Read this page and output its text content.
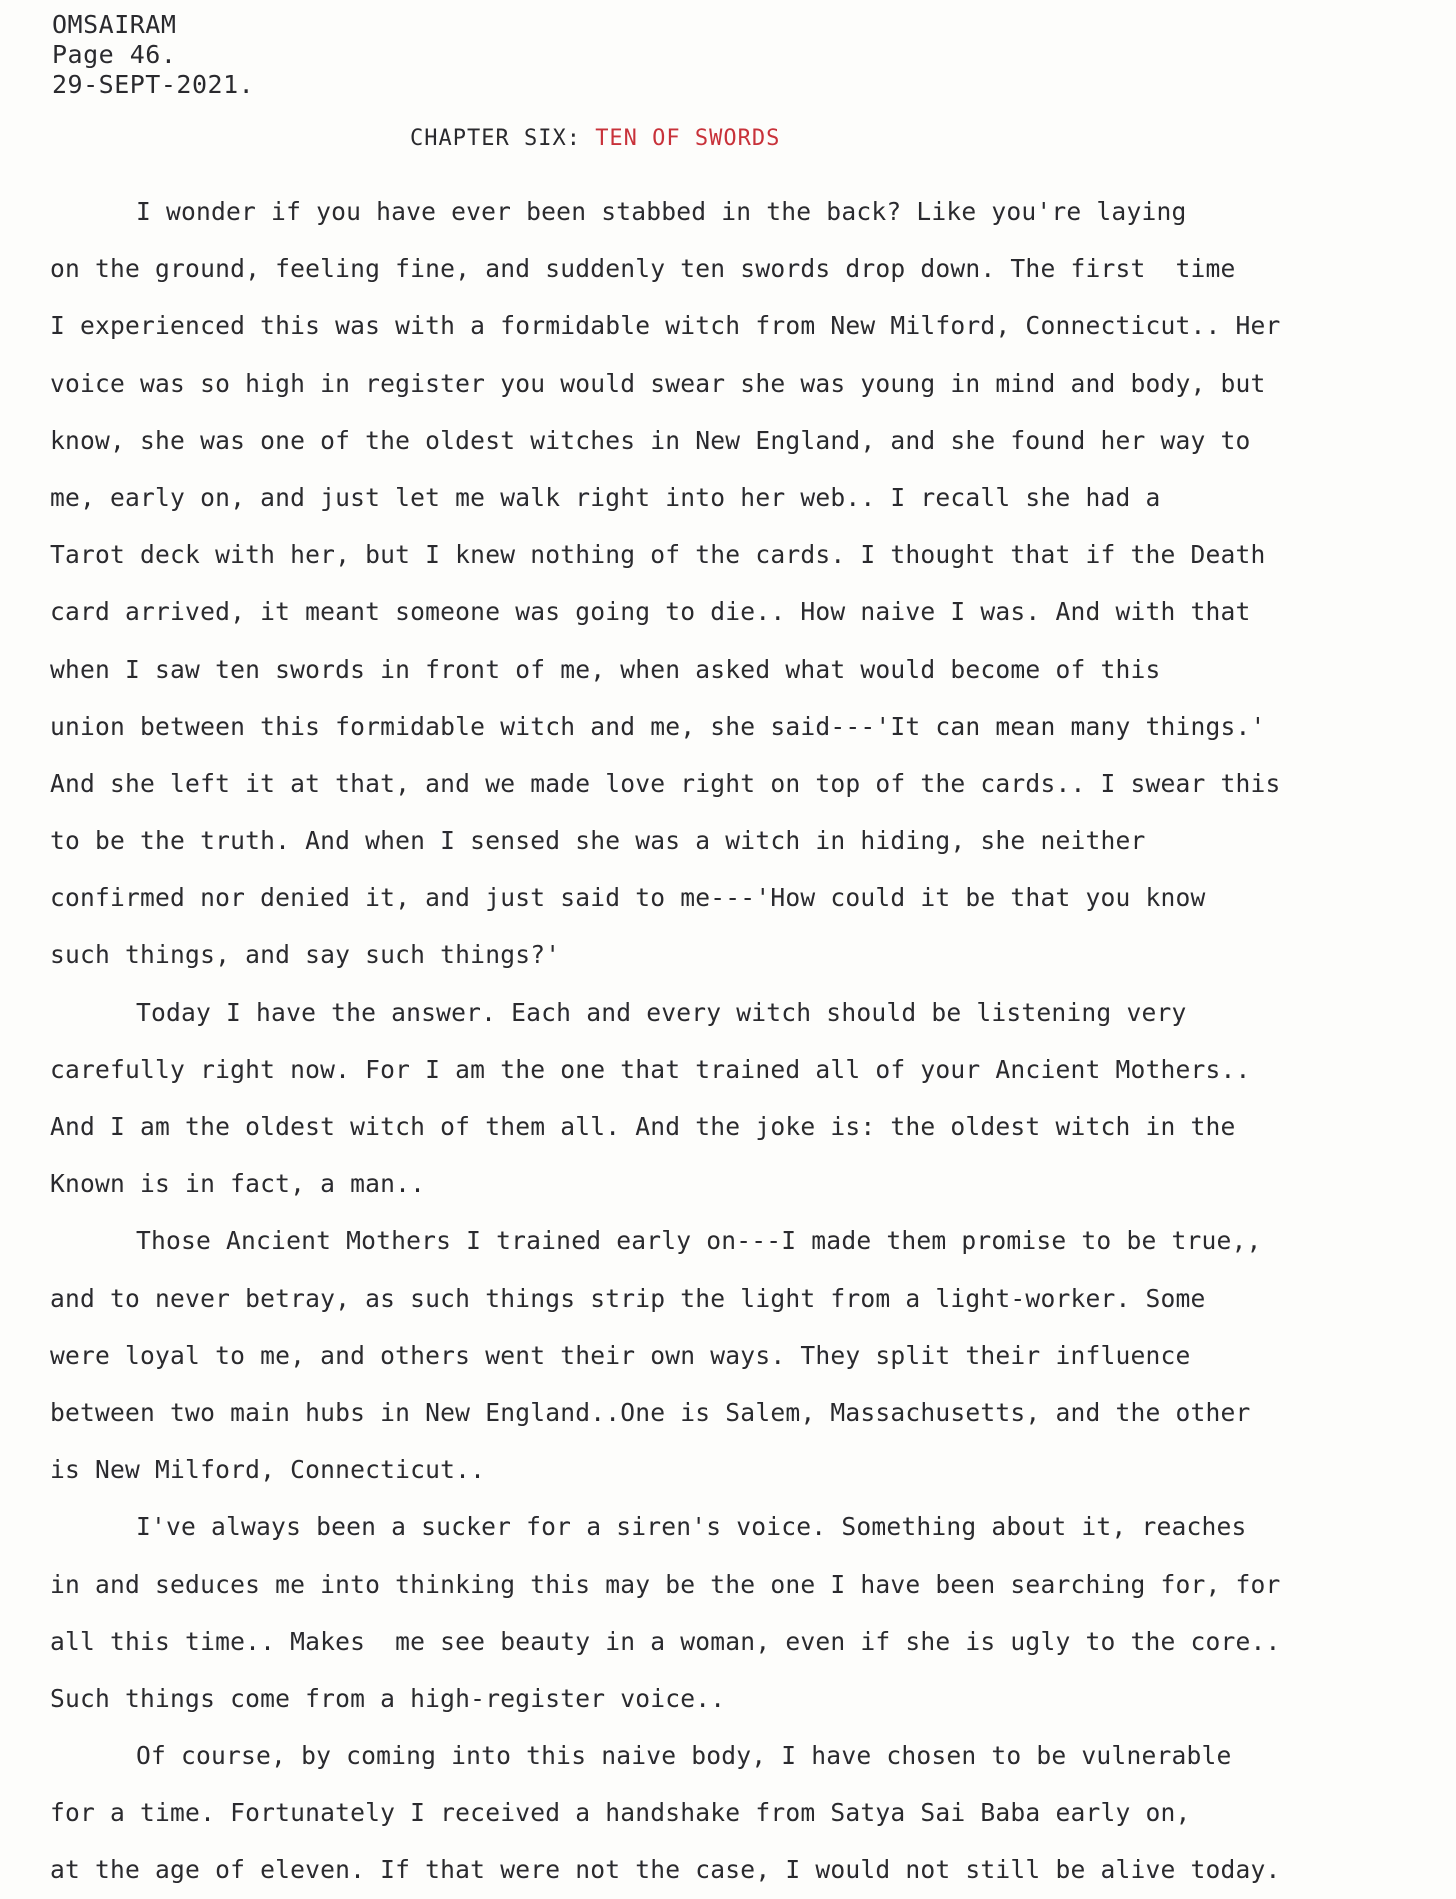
OMSAIRAM
Page 46.
29-SEPT-2021.
CHAPTER SIX: TEN OF SWORDS
I wonder if you have ever been stabbed in the back? Like you're laying
on the ground, feeling fine, and suddenly ten swords drop down. The first  time
I experienced this was with a formidable witch from New Milford, Connecticut.. Her
voice was so high in register you would swear she was young in mind and body, but
know, she was one of the oldest witches in New England, and she found her way to
me, early on, and just let me walk right into her web.. I recall she had a
Tarot deck with her, but I knew nothing of the cards. I thought that if the Death
card arrived, it meant someone was going to die.. How naive I was. And with that
when I saw ten swords in front of me, when asked what would become of this
union between this formidable witch and me, she said---'It can mean many things.'
And she left it at that, and we made love right on top of the cards.. I swear this
to be the truth. And when I sensed she was a witch in hiding, she neither
confirmed nor denied it, and just said to me---'How could it be that you know
such things, and say such things?'
Today I have the answer. Each and every witch should be listening very
carefully right now. For I am the one that trained all of your Ancient Mothers..
And I am the oldest witch of them all. And the joke is: the oldest witch in the
Known is in fact, a man..
Those Ancient Mothers I trained early on---I made them promise to be true,,
and to never betray, as such things strip the light from a light-worker. Some
were loyal to me, and others went their own ways. They split their influence
between two main hubs in New England..One is Salem, Massachusetts, and the other
is New Milford, Connecticut..
I've always been a sucker for a siren's voice. Something about it, reaches
in and seduces me into thinking this may be the one I have been searching for, for
all this time.. Makes  me see beauty in a woman, even if she is ugly to the core..
Such things come from a high-register voice..
Of course, by coming into this naive body, I have chosen to be vulnerable
for a time. Fortunately I received a handshake from Satya Sai Baba early on,
at the age of eleven. If that were not the case, I would not still be alive today.
